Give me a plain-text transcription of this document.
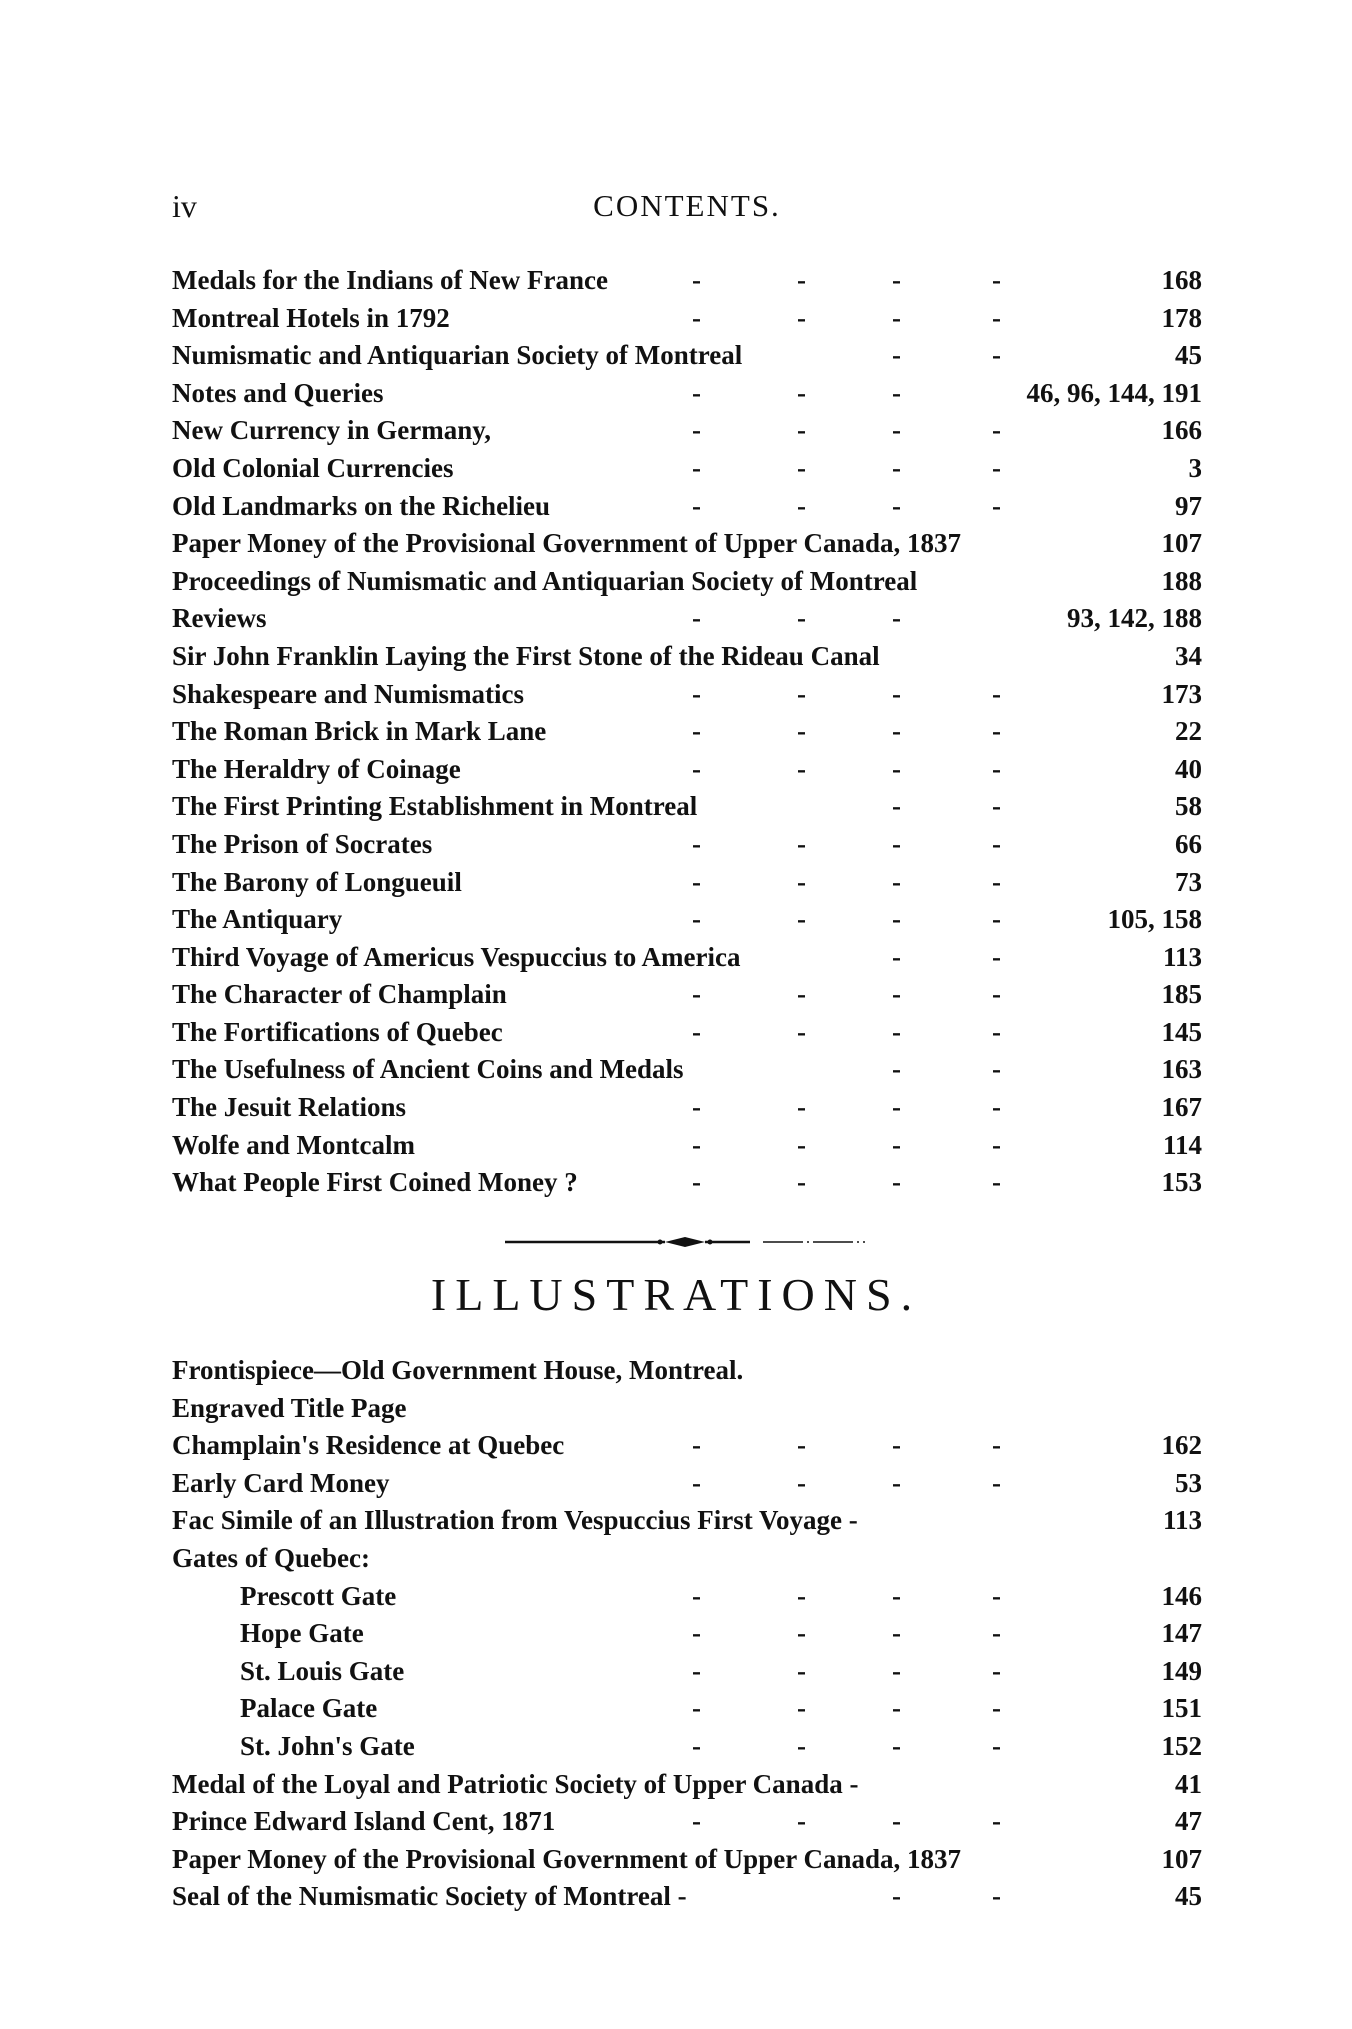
iv	CONTENTS.
Medals for the Indians of New France	-	-	-	-	168
Montreal Hotels in 1792	-	-	-	-	178
Numismatic and Antiquarian Society of Montreal	-	-	45
Notes and Queries	-	-	-	46, 96, 144, 191
New Currency in Germany,	-	-	-	-	166
Old Colonial Currencies	-	-	-	-	3
Old Landmarks on the Richelieu	-	-	-	-	97
Paper Money of the Provisional Government of Upper Canada, 1837	107
Proceedings of Numismatic and Antiquarian Society of Montreal	188
Reviews	-	-	-	93, 142, 188
Sir John Franklin Laying the First Stone of the Rideau Canal	34
Shakespeare and Numismatics	-	-	-	-	173
The Roman Brick in Mark Lane	-	-	-	-	22
The Heraldry of Coinage	-	-	-	-	40
The First Printing Establishment in Montreal	-	-	58
The Prison of Socrates	-	-	-	-	66
The Barony of Longueuil	-	-	-	-	73
The Antiquary	-	-	-	-	105, 158
Third Voyage of Americus Vespuccius to America	-	-	113
The Character of Champlain	-	-	-	-	185
The Fortifications of Quebec	-	-	-	-	145
The Usefulness of Ancient Coins and Medals	-	-	163
The Jesuit Relations	-	-	-	-	167
Wolfe and Montcalm	-	-	-	-	114
What People First Coined Money ?	-	-	-	-	153
ILLUSTRATIONS.
Frontispiece—Old Government House, Montreal.
Engraved Title Page
Champlain's Residence at Quebec	-	-	-	-	162
Early Card Money	-	-	-	-	53
Fac Simile of an Illustration from Vespuccius First Voyage -	113
Gates of Quebec:
Prescott Gate	-	-	-	-	146
Hope Gate	-	-	-	-	147
St. Louis Gate	-	-	-	-	149
Palace Gate	-	-	-	-	151
St. John's Gate	-	-	-	-	152
Medal of the Loyal and Patriotic Society of Upper Canada -	41
Prince Edward Island Cent, 1871	-	-	-	-	47
Paper Money of the Provisional Government of Upper Canada, 1837	107
Seal of the Numismatic Society of Montreal -	-	-	45
